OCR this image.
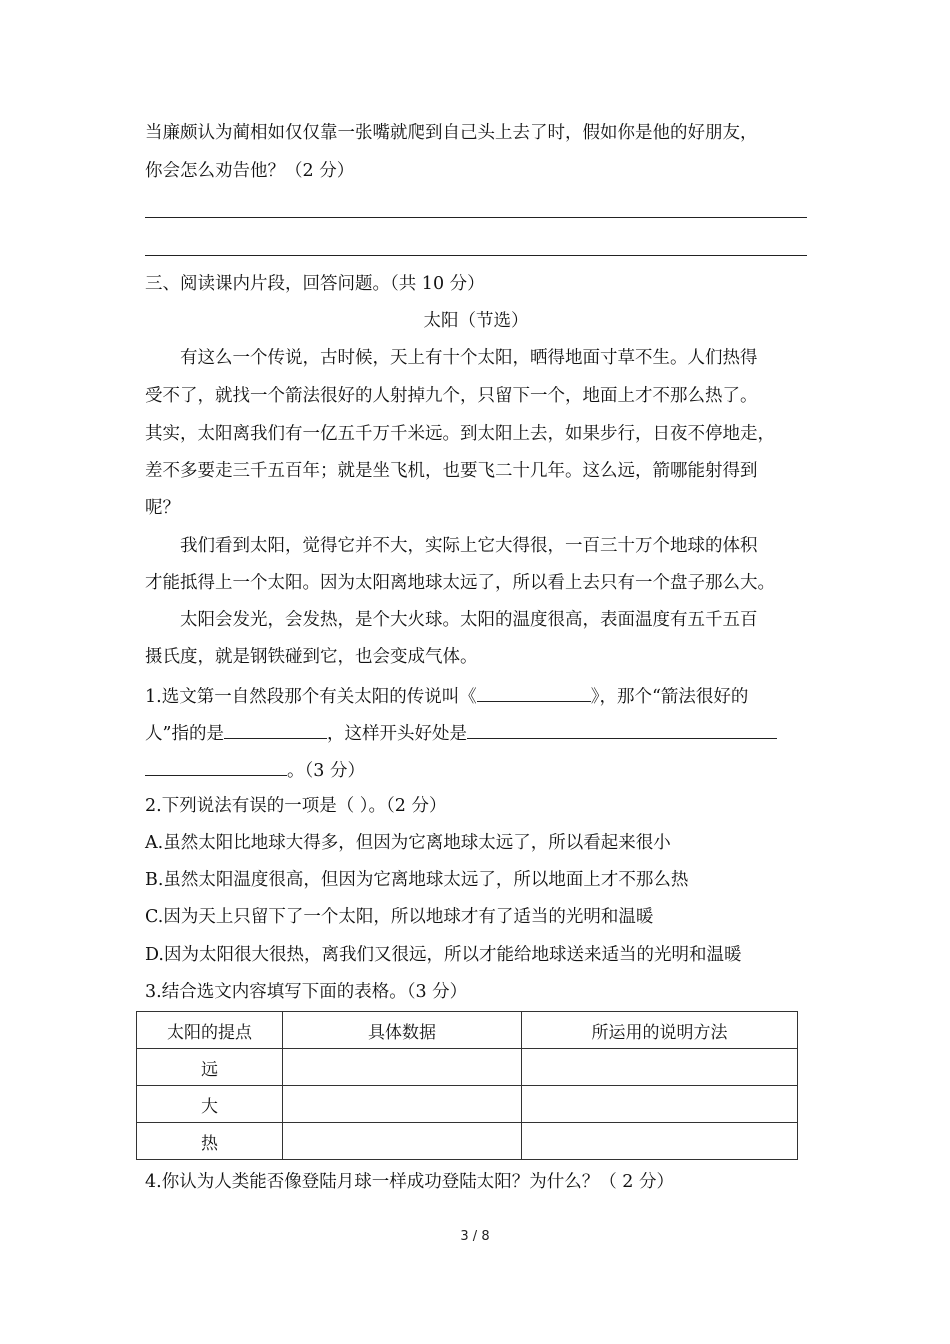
当廉颇认为蔺相如仅仅靠一张嘴就爬到自己头上去了时，假如你是他的好朋友，
你会怎么劝告他？（2 分）
三、阅读课内片段，回答问题。（共 10 分）
太阳（节选）
有这么一个传说，古时候，天上有十个太阳，晒得地面寸草不生。人们热得
受不了，就找一个箭法很好的人射掉九个，只留下一个，地面上才不那么热了。
其实，太阳离我们有一亿五千万千米远。到太阳上去，如果步行，日夜不停地走，
差不多要走三千五百年；就是坐飞机，也要飞二十几年。这么远，箭哪能射得到
呢？
我们看到太阳，觉得它并不大，实际上它大得很，一百三十万个地球的体积
才能抵得上一个太阳。因为太阳离地球太远了，所以看上去只有一个盘子那么大。
太阳会发光，会发热，是个大火球。太阳的温度很高，表面温度有五千五百
摄氏度，就是钢铁碰到它，也会变成气体。
1.选文第一自然段那个有关太阳的传说叫《	》，那个“箭法很好的
人”指的是	，这样开头好处是
。（3 分）
2.下列说法有误的一项是（ ）。（2 分）
A.虽然太阳比地球大得多，但因为它离地球太远了，所以看起来很小
B.虽然太阳温度很高，但因为它离地球太远了，所以地面上才不那么热
C.因为天上只留下了一个太阳，所以地球才有了适当的光明和温暖
D.因为太阳很大很热，离我们又很远，所以才能给地球送来适当的光明和温暖
3.结合选文内容填写下面的表格。（3 分）
太阳的提点	具体数据	所运用的说明方法
远		
大		
热		
4.你认为人类能否像登陆月球一样成功登陆太阳？为什么？（ 2 分）
3 / 8
